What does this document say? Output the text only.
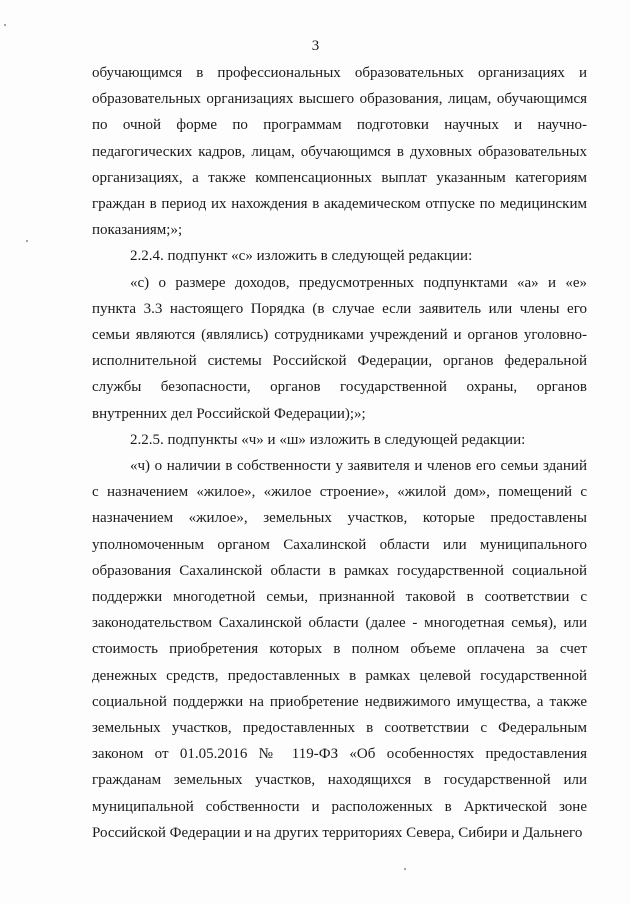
3

обучающимся в профессиональных образовательных организациях и образовательных организациях высшего образования, лицам, обучающимся по очной форме по программам подготовки научных и научно-педагогических кадров, лицам, обучающимся в духовных образовательных организациях, а также компенсационных выплат указанным категориям граждан в период их нахождения в академическом отпуске по медицинским показаниям;»;

2.2.4. подпункт «с» изложить в следующей редакции:

«с) о размере доходов, предусмотренных подпунктами «а» и «е» пункта 3.3 настоящего Порядка (в случае если заявитель или члены его семьи являются (являлись) сотрудниками учреждений и органов уголовно-исполнительной системы Российской Федерации, органов федеральной службы безопасности, органов государственной охраны, органов внутренних дел Российской Федерации);»;

2.2.5. подпункты «ч» и «ш» изложить в следующей редакции:

«ч) о наличии в собственности у заявителя и членов его семьи зданий с назначением «жилое», «жилое строение», «жилой дом», помещений с назначением «жилое», земельных участков, которые предоставлены уполномоченным органом Сахалинской области или муниципального образования Сахалинской области в рамках государственной социальной поддержки многодетной семьи, признанной таковой в соответствии с законодательством Сахалинской области (далее - многодетная семья), или стоимость приобретения которых в полном объеме оплачена за счет денежных средств, предоставленных в рамках целевой государственной социальной поддержки на приобретение недвижимого имущества, а также земельных участков, предоставленных в соответствии с Федеральным законом от 01.05.2016 № 119-ФЗ «Об особенностях предоставления гражданам земельных участков, находящихся в государственной или муниципальной собственности и расположенных в Арктической зоне Российской Федерации и на других территориях Севера, Сибири и Дальнего
